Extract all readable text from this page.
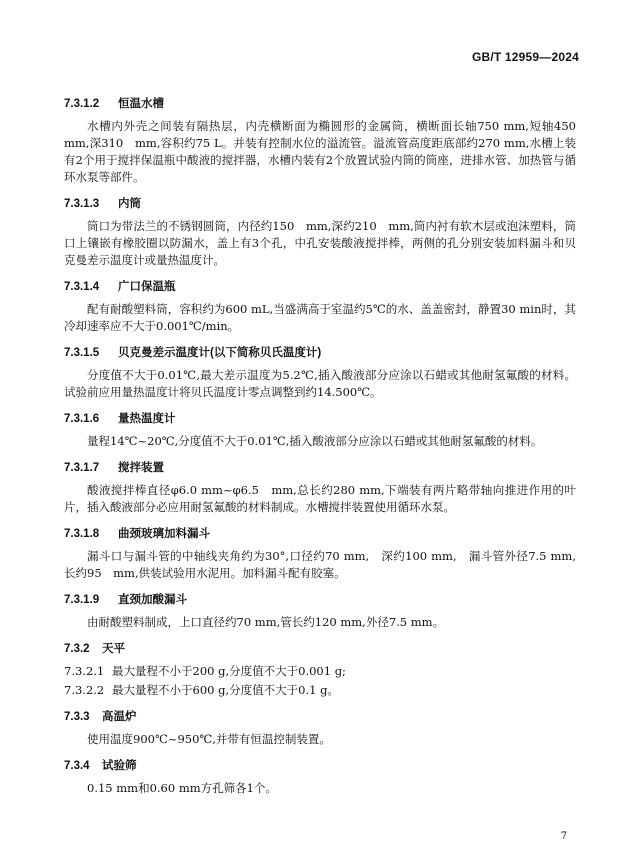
GB/T 12959—2024
7.3.1.2 恒温水槽

水槽内外壳之间装有隔热层，内壳横断面为椭圆形的金属筒，横断面长轴750 mm,短轴450 mm,深310　mm,容积约75 L。并装有控制水位的溢流管。溢流管高度距底部约270 mm,水槽上装有2个用于搅拌保温瓶中酸液的搅拌器，水槽内装有2个放置试验内筒的筒座，进排水管、加热管与循环水泵等部件。

7.3.1.3 内筒

筒口为带法兰的不锈钢圆筒，内径约150　mm,深约210　mm,筒内衬有软木层或泡沫塑料，筒口上镶嵌有橡胶圈以防漏水，盖上有3个孔，中孔安装酸液搅拌棒，两侧的孔分别安装加料漏斗和贝克曼差示温度计或量热温度计。

7.3.1.4 广口保温瓶

配有耐酸塑料筒，容积约为600 mL,当盛满高于室温约5℃的水、盖盖密封，静置30 min时，其冷却速率应不大于0.001℃/min。

7.3.1.5 贝克曼差示温度计(以下简称贝氏温度计)

分度值不大于0.01℃,最大差示温度为5.2℃,插入酸液部分应涂以石蜡或其他耐氢氟酸的材料。试验前应用量热温度计将贝氏温度计零点调整到约14.500℃。

7.3.1.6 量热温度计

量程14℃~20℃,分度值不大于0.01℃,插入酸液部分应涂以石蜡或其他耐氢氟酸的材料。

7.3.1.7 搅拌装置

酸液搅拌棒直径φ6.0 mm~φ6.5　mm,总长约280 mm,下端装有两片略带轴向推进作用的叶片，插入酸液部分必应用耐氢氟酸的材料制成。水槽搅拌装置使用循环水泵。

7.3.1.8 曲颈玻璃加料漏斗

漏斗口与漏斗管的中轴线夹角约为30°,口径约70 mm,　深约100 mm,　漏斗管外径7.5 mm,　长约95　mm,供装试验用水泥用。加料漏斗配有胶塞。

7.3.1.9 直颈加酸漏斗

由耐酸塑料制成，上口直径约70 mm,管长约120 mm,外径7.5 mm。

7.3.2 天平
7.3.2.1 最大量程不小于200 g,分度值不大于0.001 g;
7.3.2.2 最大量程不小于600 g,分度值不大于0.1 g。
7.3.3 高温炉

使用温度900℃~950℃,并带有恒温控制装置。

7.3.4 试验筛

0.15 mm和0.60 mm方孔筛各1个。

7
